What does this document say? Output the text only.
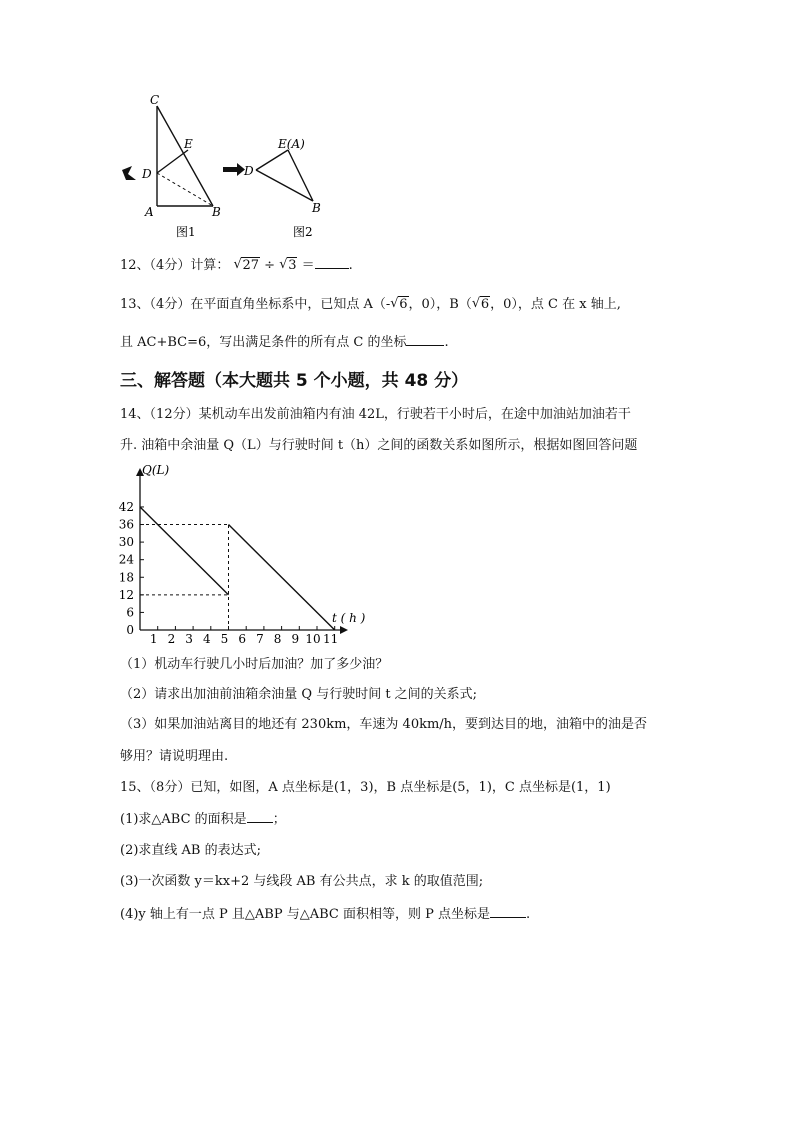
C
E
D
A	B
图1
E(A)
D
B
图2
12、（4分）计算： √ 27 ÷ √ 3 ＝	.
13、（4分）在平面直角坐标系中，已知点 A（- √ 6，0），B（ √ 6，0），点 C 在 x 轴上,
且 AC+BC=6，写出满足条件的所有点 C 的坐标	.
三、解答题（本大题共 5 个小题，共 48 分）
14、（12分）某机动车出发前油箱内有油 42L，行驶若干小时后，在途中加油站加油若干
升. 油箱中余油量 Q（L）与行驶时间 t（h）之间的函数关系如图所示，根据如图回答问题
Q(L)
t ( h )
0
6
12
18
24
30
36
42
1 2 3 4 5 6 7 8 9 10 11
（1）机动车行驶几小时后加油？加了多少油？
（2）请求出加油前油箱余油量 Q 与行驶时间 t 之间的关系式;
（3）如果加油站离目的地还有 230km，车速为 40km/h，要到达目的地，油箱中的油是否
够用？请说明理由.
15、（8分）已知，如图，A 点坐标是(1，3)，B 点坐标是(5，1)，C 点坐标是(1，1)
(1)求△ABC 的面积是 ；
(2)求直线 AB 的表达式;
(3)一次函数 y＝kx+2 与线段 AB 有公共点，求 k 的取值范围;
(4)y 轴上有一点 P 且△ABP 与△ABC 面积相等，则 P 点坐标是	.
